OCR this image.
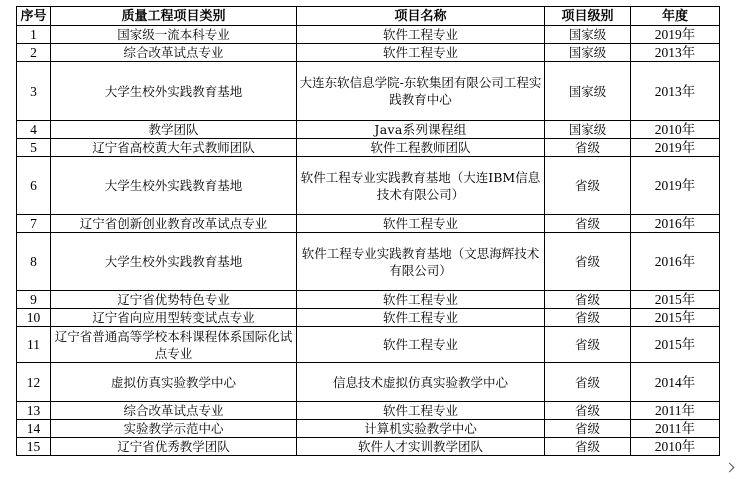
序号	质量工程项目类别	项目名称	项目级别	年度
1	国家级一流本科专业	软件工程专业	国家级	2019年
2	综合改革试点专业	软件工程专业	国家级	2013年
3	大学生校外实践教育基地	大连东软信息学院-东软集团有限公司工程实践教育中心	国家级	2013年
4	教学团队	Java系列课程组	国家级	2010年
5	辽宁省高校黄大年式教师团队	软件工程教师团队	省级	2019年
6	大学生校外实践教育基地	软件工程专业实践教育基地（大连IBM信息技术有限公司）	省级	2019年
7	辽宁省创新创业教育改革试点专业	软件工程专业	省级	2016年
8	大学生校外实践教育基地	软件工程专业实践教育基地（文思海辉技术有限公司）	省级	2016年
9	辽宁省优势特色专业	软件工程专业	省级	2015年
10	辽宁省向应用型转变试点专业	软件工程专业	省级	2015年
11	辽宁省普通高等学校本科课程体系国际化试点专业	软件工程专业	省级	2015年
12	虚拟仿真实验教学中心	信息技术虚拟仿真实验教学中心	省级	2014年
13	综合改革试点专业	软件工程专业	省级	2011年
14	实验教学示范中心	计算机实验教学中心	省级	2011年
15	辽宁省优秀教学团队	软件人才实训教学团队	省级	2010年
